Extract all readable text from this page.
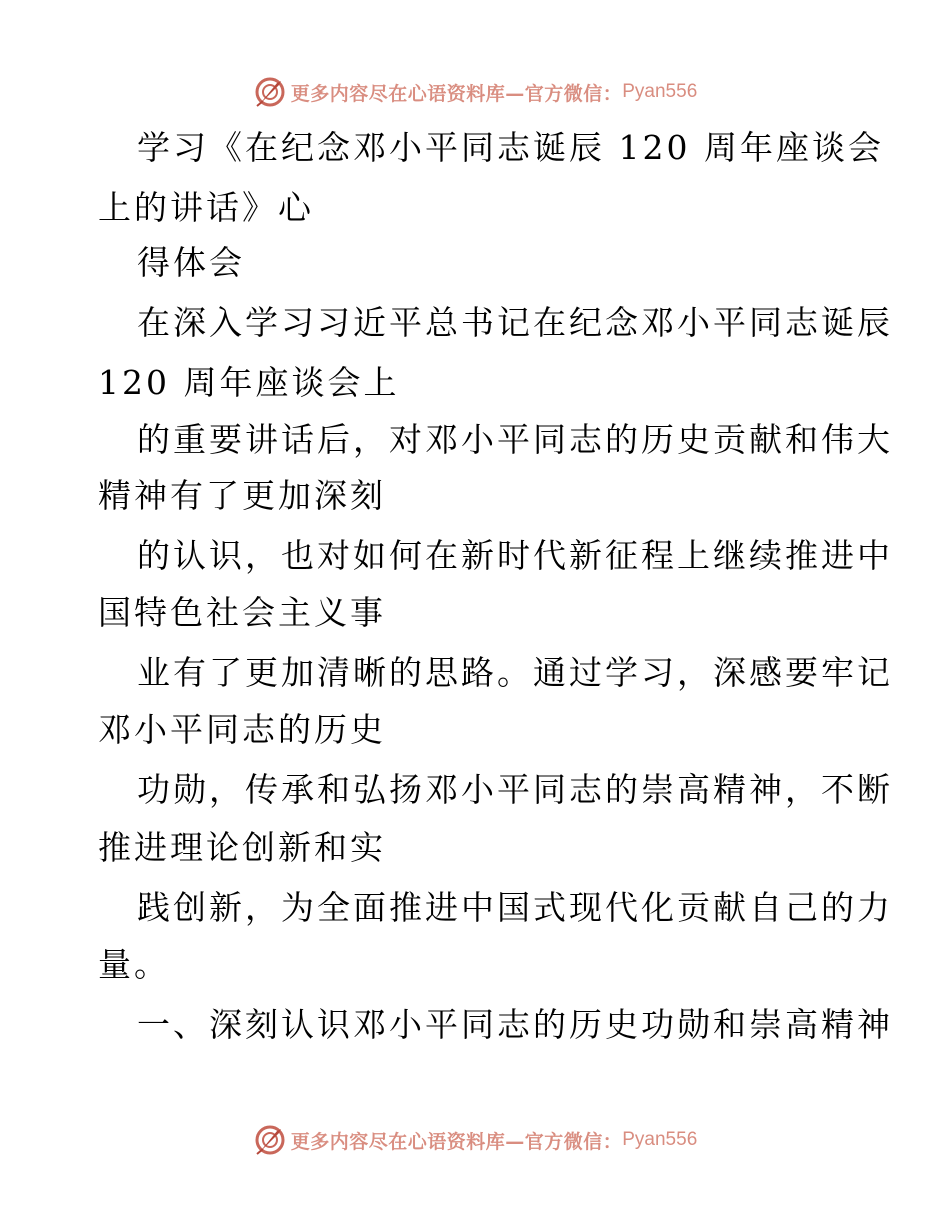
更多内容尽在心语资料库—官方微信： Pyan556
学习《在纪念邓小平同志诞辰 120 周年座谈会
上的讲话》心
得体会
在深入学习习近平总书记在纪念邓小平同志诞辰
120 周年座谈会上
的重要讲话后，对邓小平同志的历史贡献和伟大
精神有了更加深刻
的认识，也对如何在新时代新征程上继续推进中
国特色社会主义事
业有了更加清晰的思路。通过学习，深感要牢记
邓小平同志的历史
功勋，传承和弘扬邓小平同志的崇高精神，不断
推进理论创新和实
践创新，为全面推进中国式现代化贡献自己的力
量。
一、深刻认识邓小平同志的历史功勋和崇高精神
更多内容尽在心语资料库—官方微信： Pyan556
